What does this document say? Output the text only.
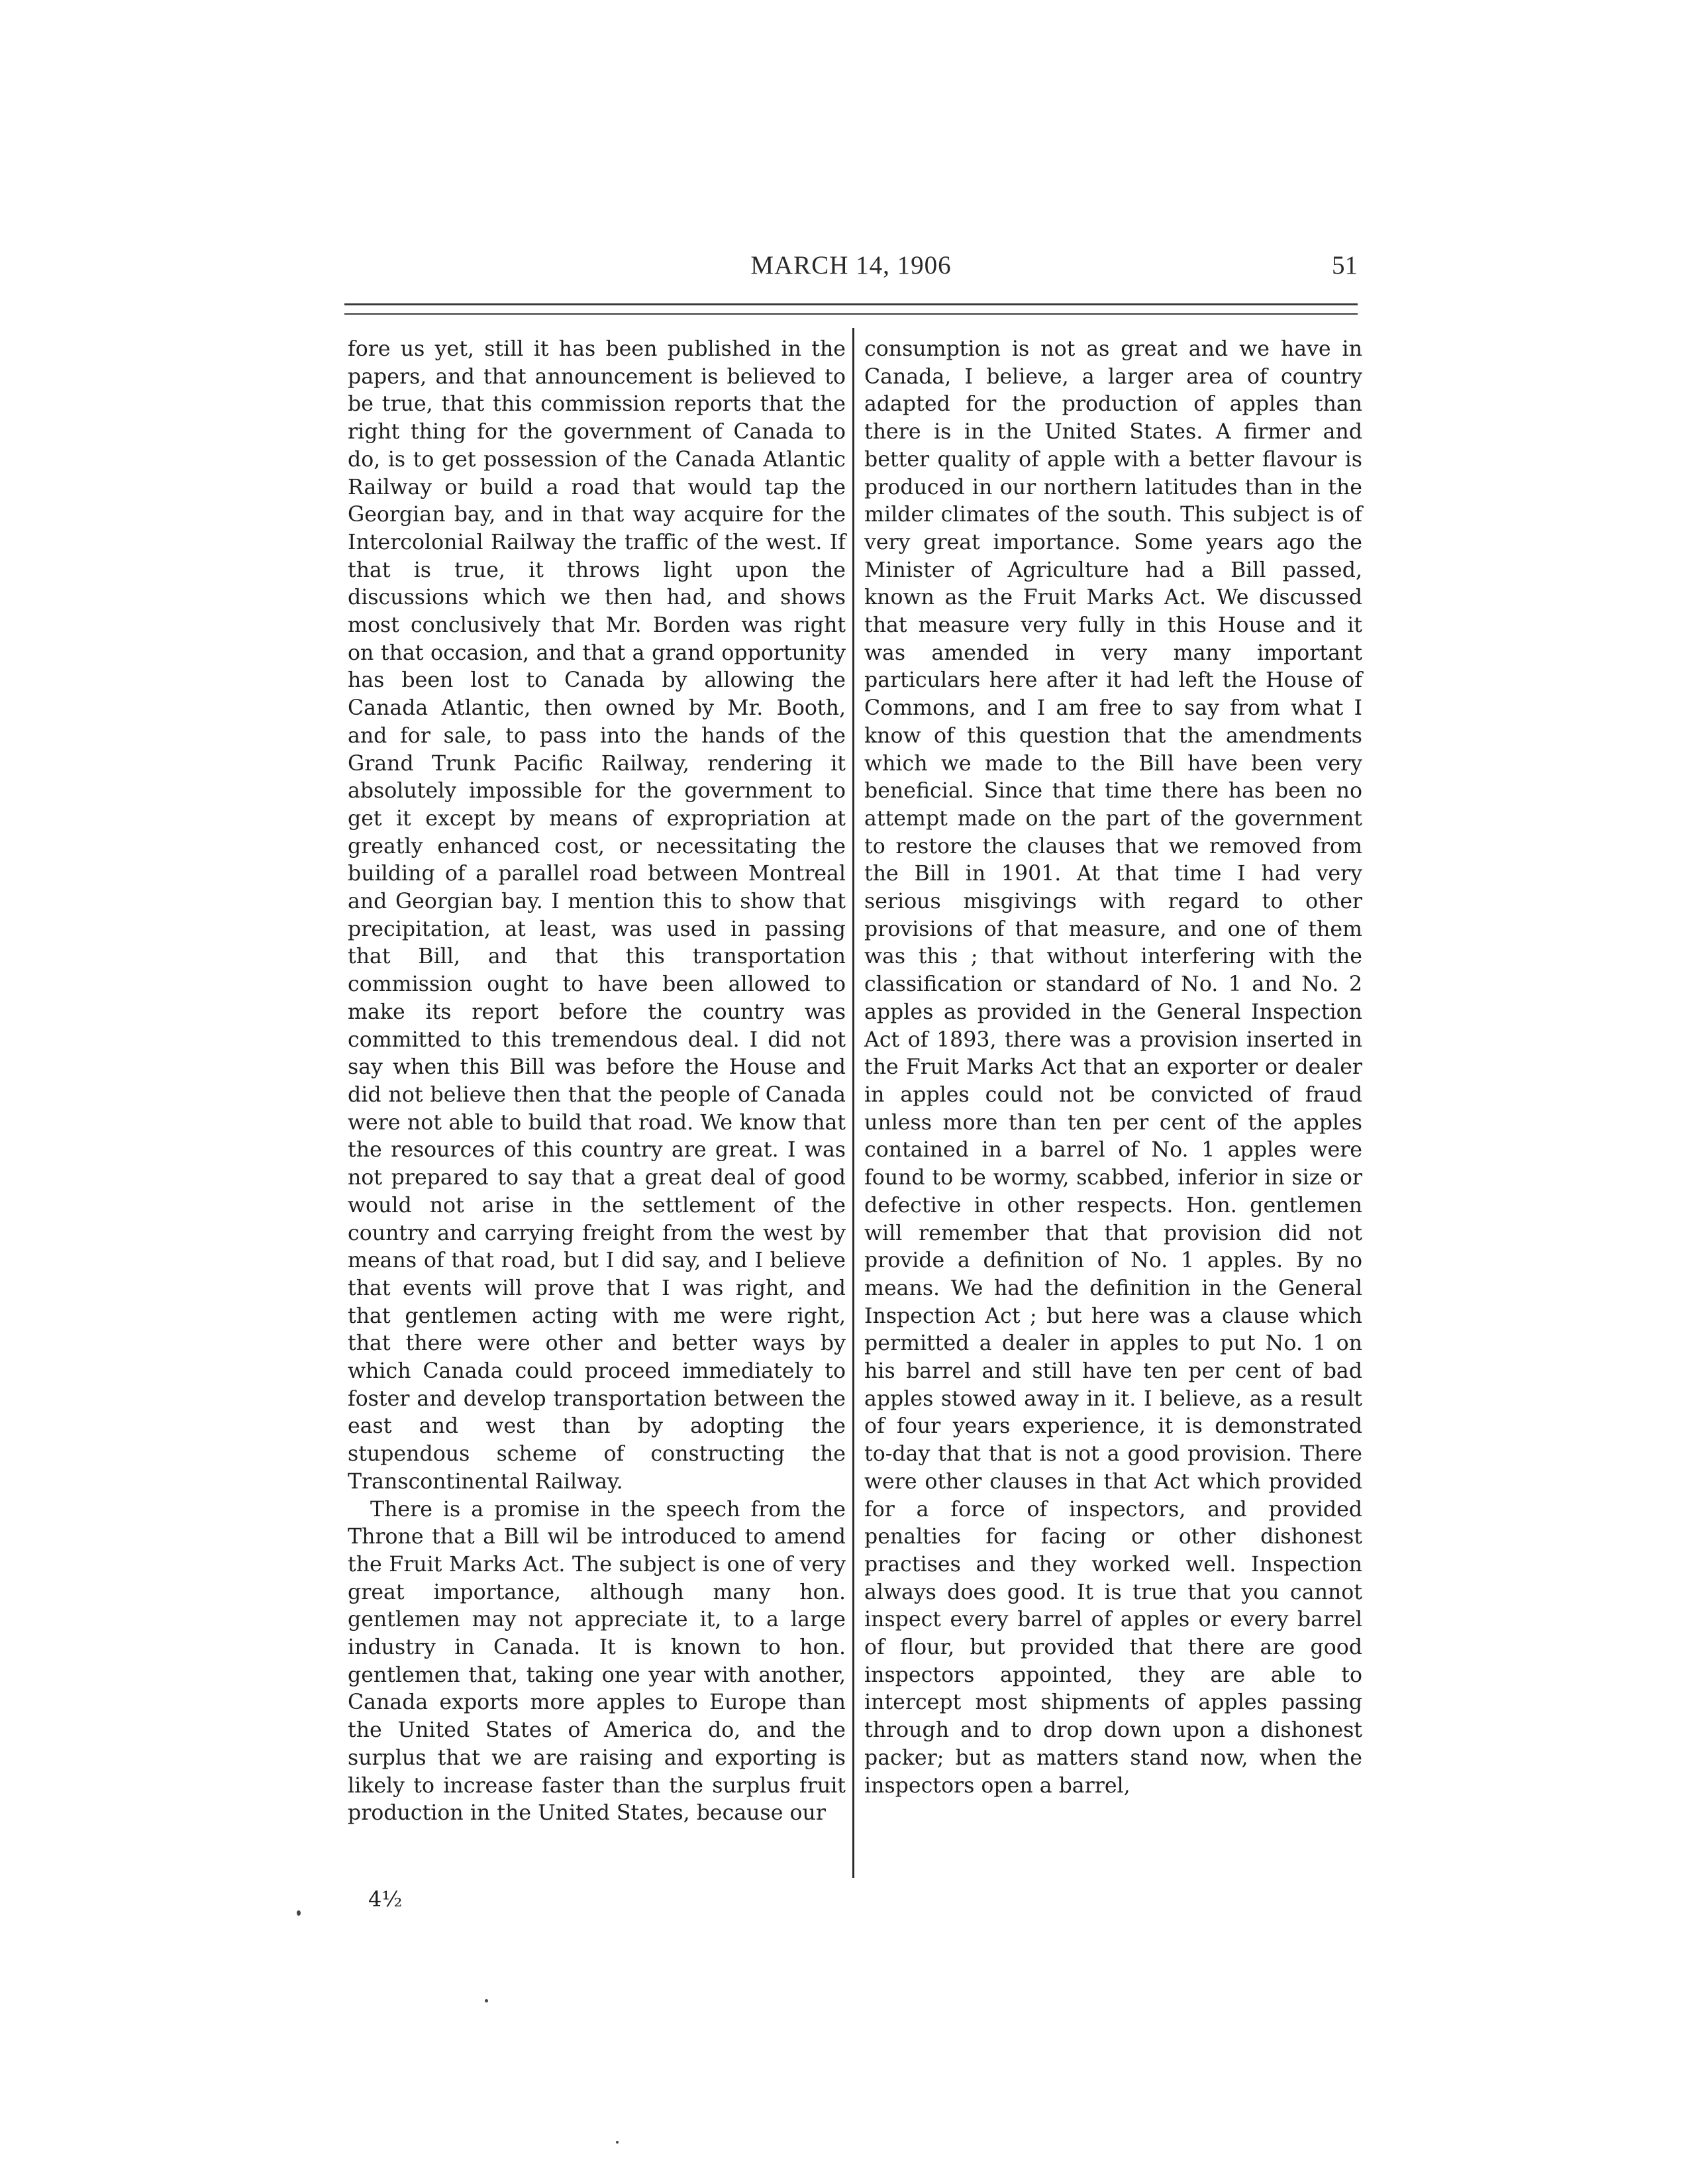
MARCH 14, 1906	51

fore us yet, still it has been published in the papers, and that announcement is believed to be true, that this commission reports that the right thing for the government of Canada to do, is to get possession of the Canada Atlantic Railway or build a road that would tap the Georgian bay, and in that way acquire for the Intercolonial Railway the traffic of the west. If that is true, it throws light upon the discussions which we then had, and shows most conclusively that Mr. Borden was right on that occasion, and that a grand opportunity has been lost to Canada by allowing the Canada Atlantic, then owned by Mr. Booth, and for sale, to pass into the hands of the Grand Trunk Pacific Railway, rendering it absolutely impossible for the government to get it except by means of expropriation at greatly enhanced cost, or necessitating the building of a parallel road between Montreal and Georgian bay. I mention this to show that precipitation, at least, was used in passing that Bill, and that this transportation commission ought to have been allowed to make its report before the country was committed to this tremendous deal. I did not say when this Bill was before the House and did not believe then that the people of Canada were not able to build that road. We know that the resources of this country are great. I was not prepared to say that a great deal of good would not arise in the settlement of the country and carrying freight from the west by means of that road, but I did say, and I believe that events will prove that I was right, and that gentlemen acting with me were right, that there were other and better ways by which Canada could proceed immediately to foster and develop transportation between the east and west than by adopting the stupendous scheme of constructing the Transcontinental Railway.

There is a promise in the speech from the Throne that a Bill wil be introduced to amend the Fruit Marks Act. The subject is one of very great importance, although many hon. gentlemen may not appreciate it, to a large industry in Canada. It is known to hon. gentlemen that, taking one year with another, Canada exports more apples to Europe than the United States of America do, and the surplus that we are raising and exporting is likely to increase faster than the surplus fruit production in the United States, because our

consumption is not as great and we have in Canada, I believe, a larger area of country adapted for the production of apples than there is in the United States. A firmer and better quality of apple with a better flavour is produced in our northern latitudes than in the milder climates of the south. This subject is of very great importance. Some years ago the Minister of Agriculture had a Bill passed, known as the Fruit Marks Act. We discussed that measure very fully in this House and it was amended in very many important particulars here after it had left the House of Commons, and I am free to say from what I know of this question that the amendments which we made to the Bill have been very beneficial. Since that time there has been no attempt made on the part of the government to restore the clauses that we removed from the Bill in 1901. At that time I had very serious misgivings with regard to other provisions of that measure, and one of them was this ; that without interfering with the classification or standard of No. 1 and No. 2 apples as provided in the General Inspection Act of 1893, there was a provision inserted in the Fruit Marks Act that an exporter or dealer in apples could not be convicted of fraud unless more than ten per cent of the apples contained in a barrel of No. 1 apples were found to be wormy, scabbed, inferior in size or defective in other respects. Hon. gentlemen will remember that that provision did not provide a definition of No. 1 apples. By no means. We had the definition in the General Inspection Act ; but here was a clause which permitted a dealer in apples to put No. 1 on his barrel and still have ten per cent of bad apples stowed away in it. I believe, as a result of four years experience, it is demonstrated to-day that that is not a good provision. There were other clauses in that Act which provided for a force of inspectors, and provided penalties for facing or other dishonest practises and they worked well. Inspection always does good. It is true that you cannot inspect every barrel of apples or every barrel of flour, but provided that there are good inspectors appointed, they are able to intercept most shipments of apples passing through and to drop down upon a dishonest packer; but as matters stand now, when the inspectors open a barrel,

4½
